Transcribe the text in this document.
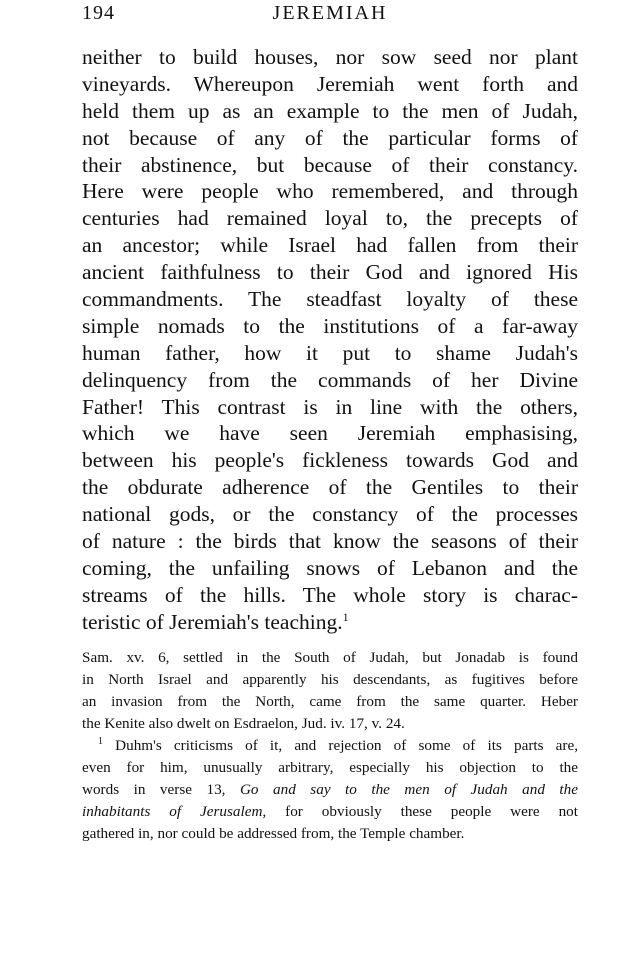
194	JEREMIAH
neither to build houses, nor sow seed nor plant
vineyards. Whereupon Jeremiah went forth and
held them up as an example to the men of Judah,
not because of any of the particular forms of
their abstinence, but because of their constancy.
Here were people who remembered, and through
centuries had remained loyal to, the precepts of
an ancestor; while Israel had fallen from their
ancient faithfulness to their God and ignored His
commandments. The steadfast loyalty of these
simple nomads to the institutions of a far-away
human father, how it put to shame Judah's
delinquency from the commands of her Divine
Father! This contrast is in line with the others,
which we have seen Jeremiah emphasising,
between his people's fickleness towards God and
the obdurate adherence of the Gentiles to their
national gods, or the constancy of the processes
of nature : the birds that know the seasons of their
coming, the unfailing snows of Lebanon and the
streams of the hills. The whole story is charac-
teristic of Jeremiah's teaching.$^1$
Sam. xv. 6, settled in the South of Judah, but Jonadab is found
in North Israel and apparently his descendants, as fugitives before
an invasion from the North, came from the same quarter. Heber
the Kenite also dwelt on Esdraelon, Jud. iv. 17, v. 24.
$^1$ Duhm's criticisms of it, and rejection of some of its parts are,
even for him, unusually arbitrary, especially his objection to the
words in verse 13, Go and say to the men of Judah and the
inhabitants of Jerusalem, for obviously these people were not
gathered in, nor could be addressed from, the Temple chamber.
